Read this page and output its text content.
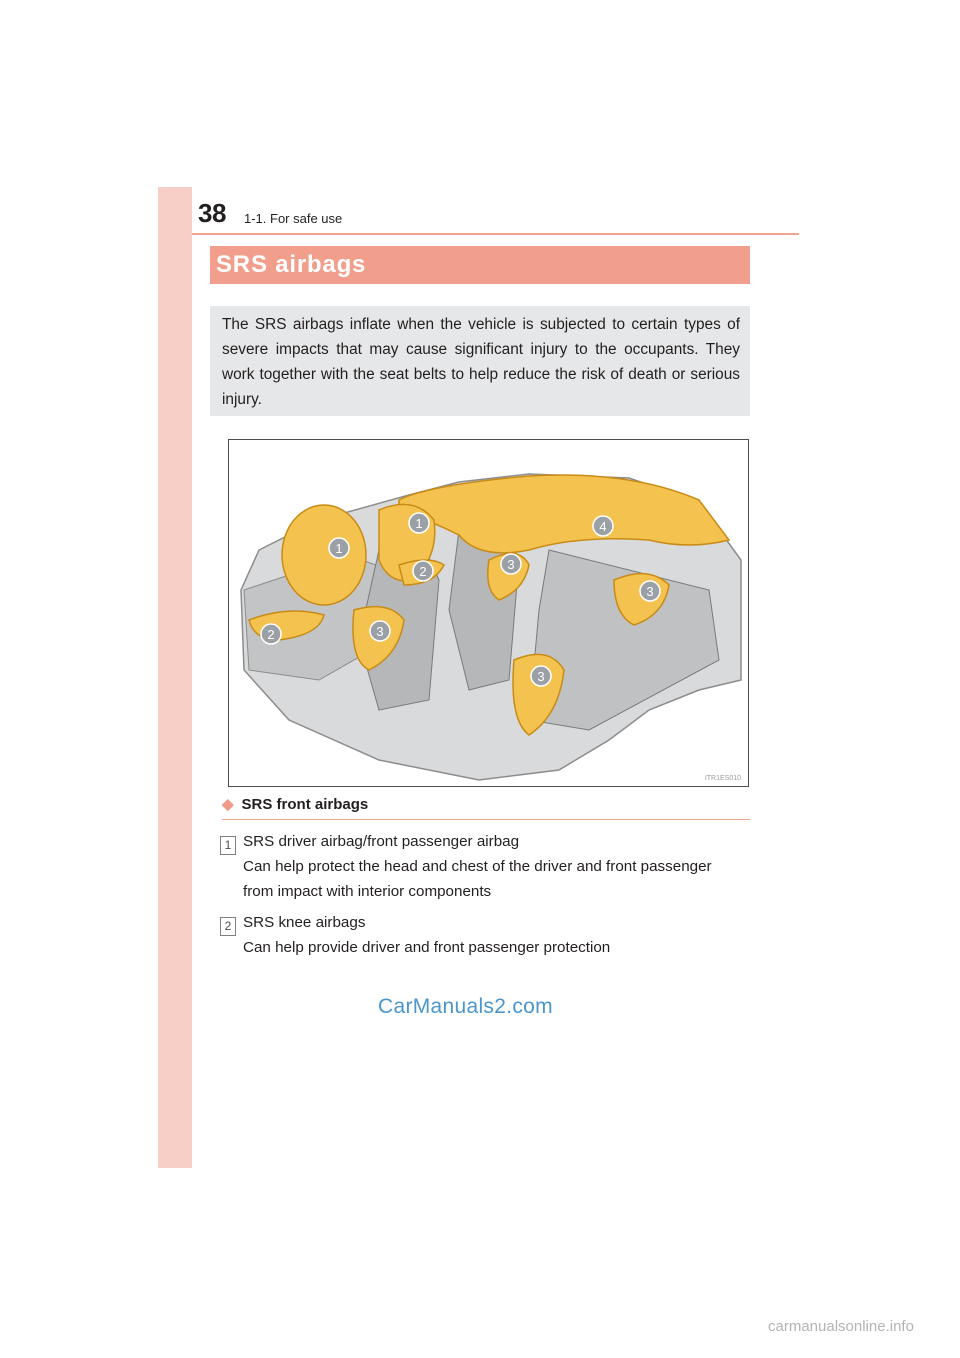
38 1-1. For safe use
SRS airbags
The SRS airbags inflate when the vehicle is subjected to certain types of severe impacts that may cause significant injury to the occupants. They work together with the seat belts to help reduce the risk of death or serious injury.
1
1
2
2
3
3
3
3
4
ITR1ES010
◆ SRS front airbags
1 SRS driver airbag/front passenger airbag
Can help protect the head and chest of the driver and front passenger
from impact with interior components
2 SRS knee airbags
Can help provide driver and front passenger protection
CarManuals2.com
carmanualsonline.info
